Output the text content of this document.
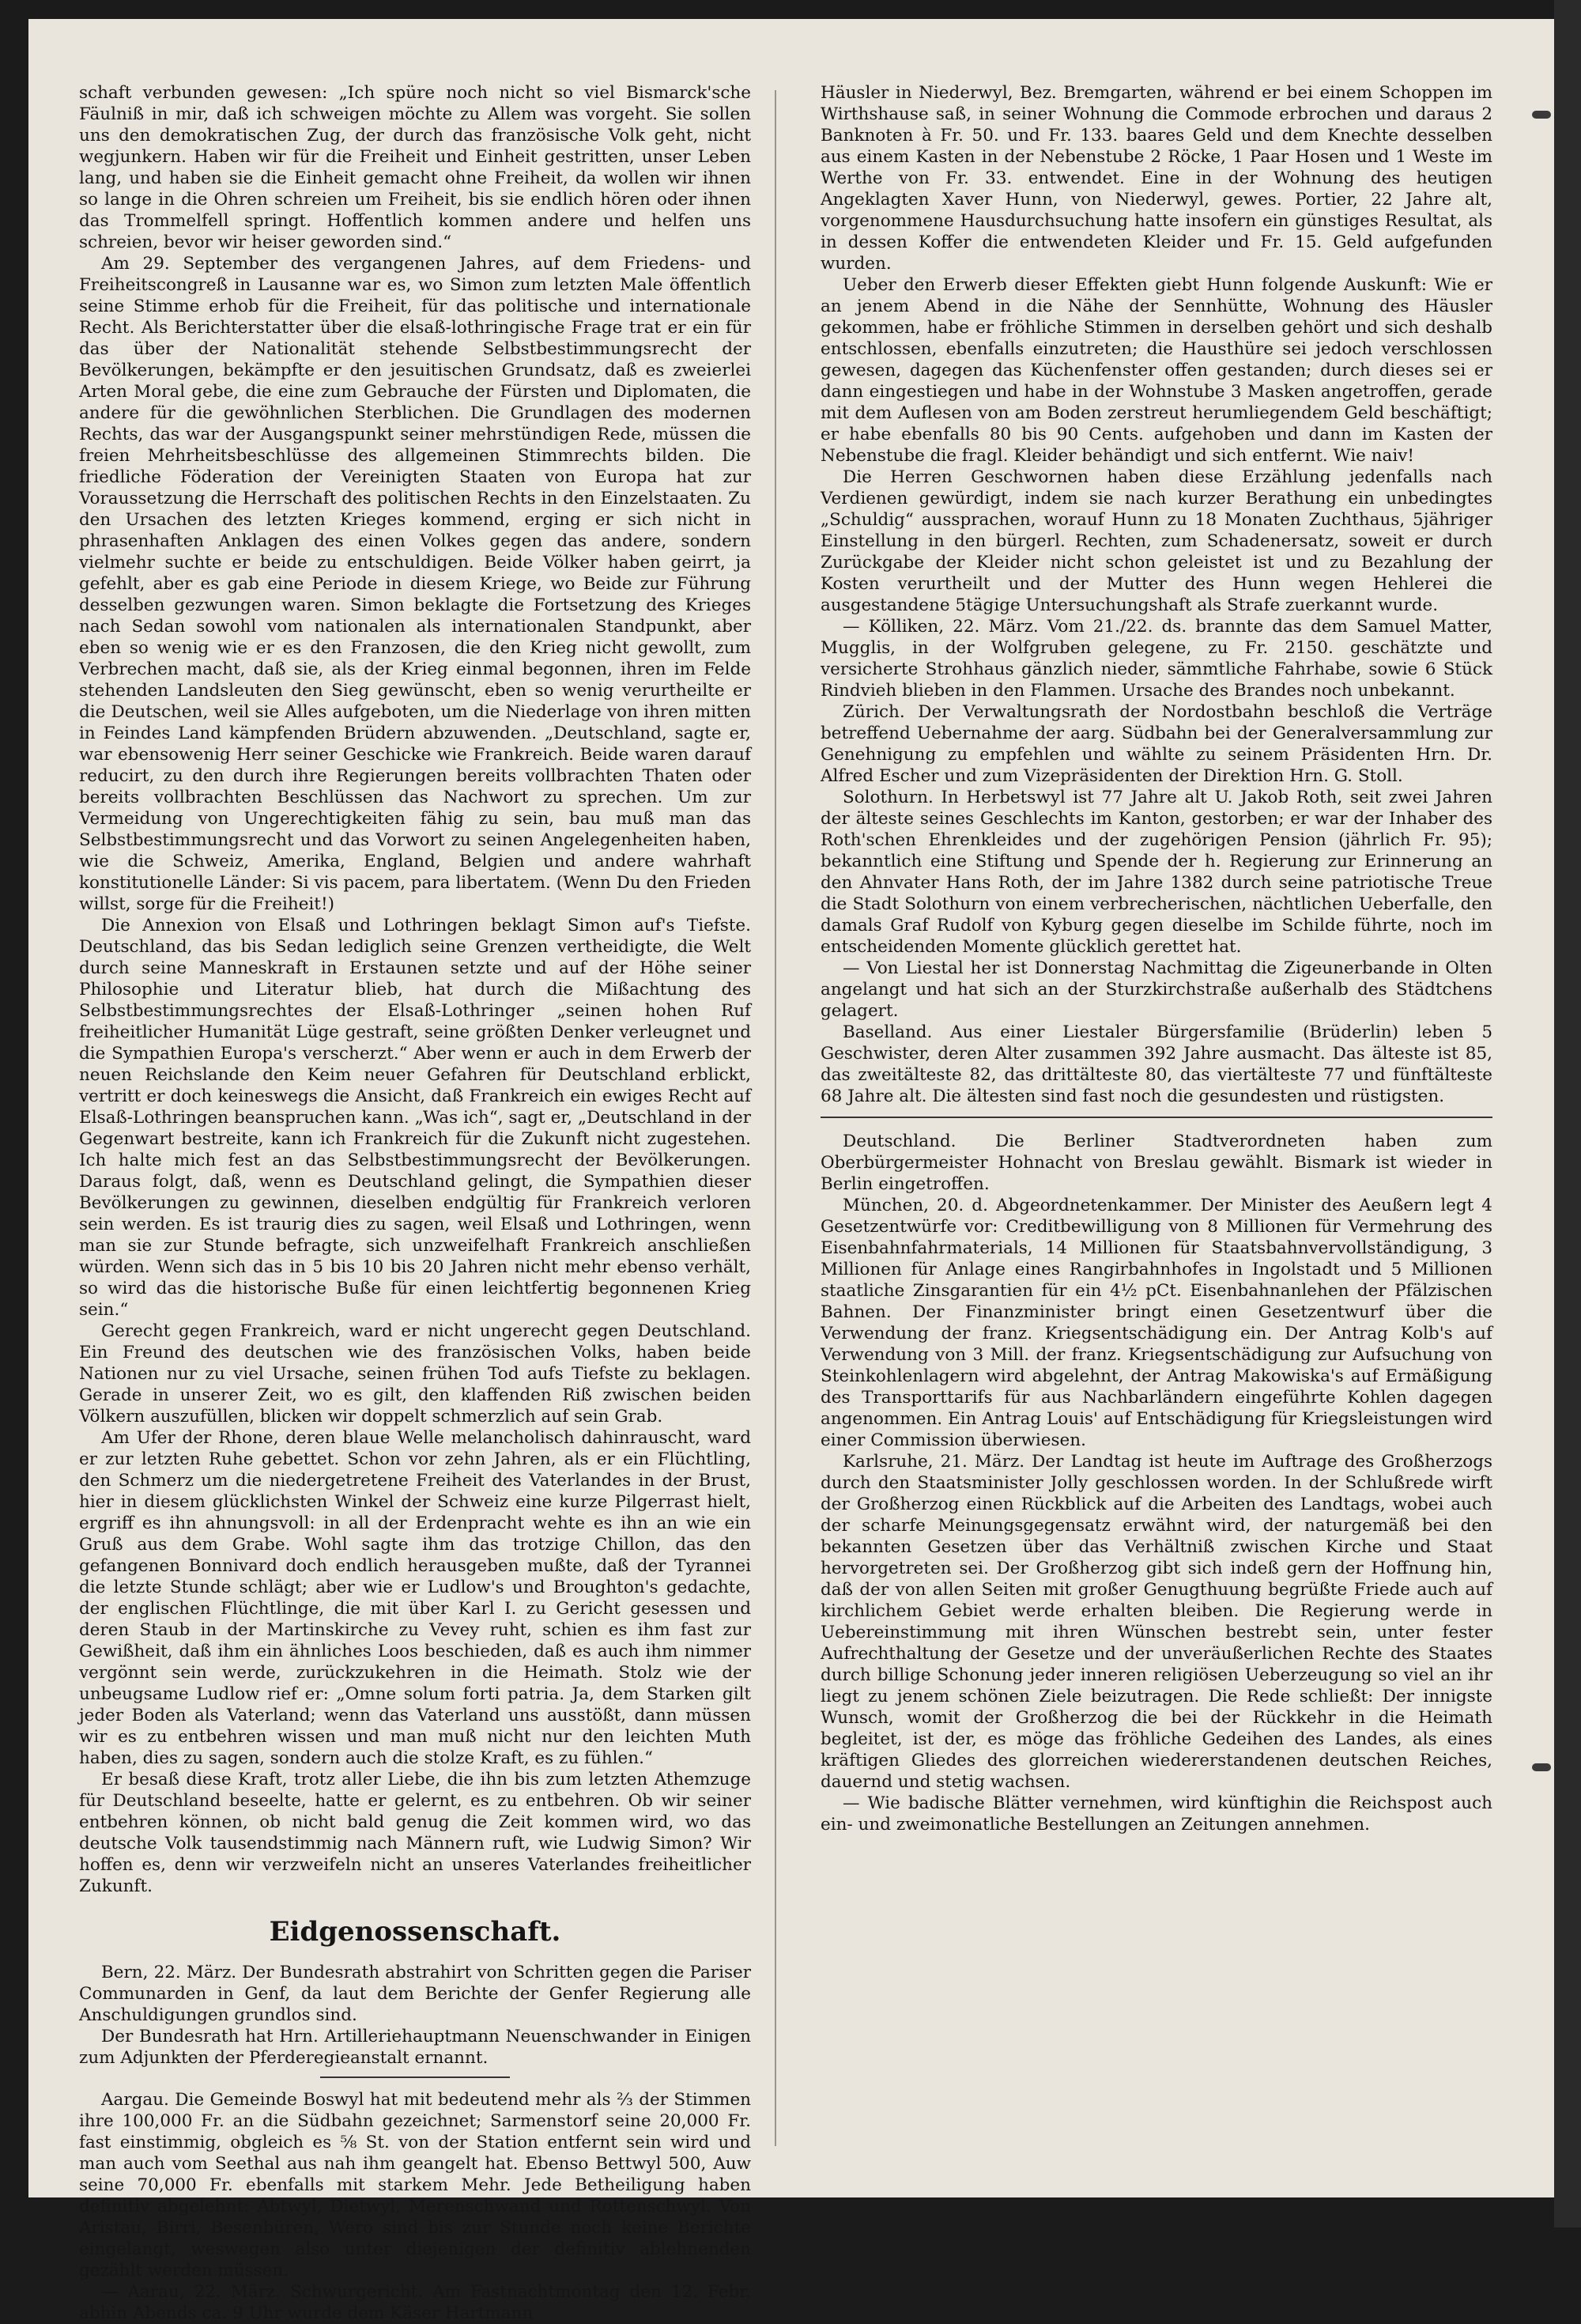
schaft verbunden gewesen: „Ich spüre noch nicht so viel Bismarck'sche Fäulniß in mir, daß ich schweigen möchte zu Allem was vorgeht. Sie sollen uns den demokratischen Zug, der durch das französische Volk geht, nicht wegjunkern. Haben wir für die Freiheit und Einheit gestritten, unser Leben lang, und haben sie die Einheit gemacht ohne Freiheit, da wollen wir ihnen so lange in die Ohren schreien um Freiheit, bis sie endlich hören oder ihnen das Trommelfell springt. Hoffentlich kommen andere und helfen uns schreien, bevor wir heiser geworden sind.“

Am 29. September des vergangenen Jahres, auf dem Friedens- und Freiheitscongreß in Lausanne war es, wo Simon zum letzten Male öffentlich seine Stimme erhob für die Freiheit, für das politische und internationale Recht. Als Berichterstatter über die elsaß-lothringische Frage trat er ein für das über der Nationalität stehende Selbstbestimmungsrecht der Bevölkerungen, bekämpfte er den jesuitischen Grundsatz, daß es zweierlei Arten Moral gebe, die eine zum Gebrauche der Fürsten und Diplomaten, die andere für die gewöhnlichen Sterblichen. Die Grundlagen des modernen Rechts, das war der Ausgangspunkt seiner mehrstündigen Rede, müssen die freien Mehrheitsbeschlüsse des allgemeinen Stimmrechts bilden. Die friedliche Föderation der Vereinigten Staaten von Europa hat zur Voraussetzung die Herrschaft des politischen Rechts in den Einzelstaaten. Zu den Ursachen des letzten Krieges kommend, erging er sich nicht in phrasenhaften Anklagen des einen Volkes gegen das andere, sondern vielmehr suchte er beide zu entschuldigen. Beide Völker haben geirrt, ja gefehlt, aber es gab eine Periode in diesem Kriege, wo Beide zur Führung desselben gezwungen waren. Simon beklagte die Fortsetzung des Krieges nach Sedan sowohl vom nationalen als internationalen Standpunkt, aber eben so wenig wie er es den Franzosen, die den Krieg nicht gewollt, zum Verbrechen macht, daß sie, als der Krieg einmal begonnen, ihren im Felde stehenden Landsleuten den Sieg gewünscht, eben so wenig verurtheilte er die Deutschen, weil sie Alles aufgeboten, um die Niederlage von ihren mitten in Feindes Land kämpfenden Brüdern abzuwenden. „Deutschland, sagte er, war ebensowenig Herr seiner Geschicke wie Frankreich. Beide waren darauf reducirt, zu den durch ihre Regierungen bereits vollbrachten Thaten oder bereits vollbrachten Beschlüssen das Nachwort zu sprechen. Um zur Vermeidung von Ungerechtigkeiten fähig zu sein, bau muß man das Selbstbestimmungsrecht und das Vorwort zu seinen Angelegenheiten haben, wie die Schweiz, Amerika, England, Belgien und andere wahrhaft konstitutionelle Länder: Si vis pacem, para libertatem. (Wenn Du den Frieden willst, sorge für die Freiheit!)

Die Annexion von Elsaß und Lothringen beklagt Simon auf's Tiefste. Deutschland, das bis Sedan lediglich seine Grenzen vertheidigte, die Welt durch seine Manneskraft in Erstaunen setzte und auf der Höhe seiner Philosophie und Literatur blieb, hat durch die Mißachtung des Selbstbestimmungsrechtes der Elsaß-Lothringer „seinen hohen Ruf freiheitlicher Humanität Lüge gestraft, seine größten Denker verleugnet und die Sympathien Europa's verscherzt.“ Aber wenn er auch in dem Erwerb der neuen Reichslande den Keim neuer Gefahren für Deutschland erblickt, vertritt er doch keineswegs die Ansicht, daß Frankreich ein ewiges Recht auf Elsaß-Lothringen beanspruchen kann. „Was ich“, sagt er, „Deutschland in der Gegenwart bestreite, kann ich Frankreich für die Zukunft nicht zugestehen. Ich halte mich fest an das Selbstbestimmungsrecht der Bevölkerungen. Daraus folgt, daß, wenn es Deutschland gelingt, die Sympathien dieser Bevölkerungen zu gewinnen, dieselben endgültig für Frankreich verloren sein werden. Es ist traurig dies zu sagen, weil Elsaß und Lothringen, wenn man sie zur Stunde befragte, sich unzweifelhaft Frankreich anschließen würden. Wenn sich das in 5 bis 10 bis 20 Jahren nicht mehr ebenso verhält, so wird das die historische Buße für einen leichtfertig begonnenen Krieg sein.“

Gerecht gegen Frankreich, ward er nicht ungerecht gegen Deutschland. Ein Freund des deutschen wie des französischen Volks, haben beide Nationen nur zu viel Ursache, seinen frühen Tod aufs Tiefste zu beklagen. Gerade in unserer Zeit, wo es gilt, den klaffenden Riß zwischen beiden Völkern auszufüllen, blicken wir doppelt schmerzlich auf sein Grab.

Am Ufer der Rhone, deren blaue Welle melancholisch dahinrauscht, ward er zur letzten Ruhe gebettet. Schon vor zehn Jahren, als er ein Flüchtling, den Schmerz um die niedergetretene Freiheit des Vaterlandes in der Brust, hier in diesem glücklichsten Winkel der Schweiz eine kurze Pilgerrast hielt, ergriff es ihn ahnungsvoll: in all der Erdenpracht wehte es ihn an wie ein Gruß aus dem Grabe. Wohl sagte ihm das trotzige Chillon, das den gefangenen Bonnivard doch endlich herausgeben mußte, daß der Tyrannei die letzte Stunde schlägt; aber wie er Ludlow's und Broughton's gedachte, der englischen Flüchtlinge, die mit über Karl I. zu Gericht gesessen und deren Staub in der Martinskirche zu Vevey ruht, schien es ihm fast zur Gewißheit, daß ihm ein ähnliches Loos beschieden, daß es auch ihm nimmer vergönnt sein werde, zurückzukehren in die Heimath. Stolz wie der unbeugsame Ludlow rief er: „Omne solum forti patria. Ja, dem Starken gilt jeder Boden als Vaterland; wenn das Vaterland uns ausstößt, dann müssen wir es zu entbehren wissen und man muß nicht nur den leichten Muth haben, dies zu sagen, sondern auch die stolze Kraft, es zu fühlen.“

Er besaß diese Kraft, trotz aller Liebe, die ihn bis zum letzten Athemzuge für Deutschland beseelte, hatte er gelernt, es zu entbehren. Ob wir seiner entbehren können, ob nicht bald genug die Zeit kommen wird, wo das deutsche Volk tausendstimmig nach Männern ruft, wie Ludwig Simon? Wir hoffen es, denn wir verzweifeln nicht an unseres Vaterlandes freiheitlicher Zukunft.

Eidgenossenschaft.

Bern, 22. März. Der Bundesrath abstrahirt von Schritten gegen die Pariser Communarden in Genf, da laut dem Berichte der Genfer Regierung alle Anschuldigungen grundlos sind.

Der Bundesrath hat Hrn. Artilleriehauptmann Neuenschwander in Einigen zum Adjunkten der Pferderegieanstalt ernannt.

Aargau. Die Gemeinde Boswyl hat mit bedeutend mehr als ⅔ der Stimmen ihre 100,000 Fr. an die Südbahn gezeichnet; Sarmenstorf seine 20,000 Fr. fast einstimmig, obgleich es ⅝ St. von der Station entfernt sein wird und man auch vom Seethal aus nah ihm geangelt hat. Ebenso Bettwyl 500, Auw seine 70,000 Fr. ebenfalls mit starkem Mehr. Jede Betheiligung haben definitiv abgelehnt: Abtwyl, Dietwyl, Merenschwand und Rottenschwyl. Von Aristau, Birri, Besenbüren, Wero sind bis zur Stunde noch keine Berichte eingelangt, weswegen also unter diejenigen der definitiv ablehnenden gezählt werden müssen.

— Aarau, 22. März. Schwurgericht. Am Fastnachtmontag den 12. Febr. abhin Abends ca. 9 Uhr wurde dem Käser Hartmann

Häusler in Niederwyl, Bez. Bremgarten, während er bei einem Schoppen im Wirthshause saß, in seiner Wohnung die Commode erbrochen und daraus 2 Banknoten à Fr. 50. und Fr. 133. baares Geld und dem Knechte desselben aus einem Kasten in der Nebenstube 2 Röcke, 1 Paar Hosen und 1 Weste im Werthe von Fr. 33. entwendet. Eine in der Wohnung des heutigen Angeklagten Xaver Hunn, von Niederwyl, gewes. Portier, 22 Jahre alt, vorgenommene Hausdurchsuchung hatte insofern ein günstiges Resultat, als in dessen Koffer die entwendeten Kleider und Fr. 15. Geld aufgefunden wurden.

Ueber den Erwerb dieser Effekten giebt Hunn folgende Auskunft: Wie er an jenem Abend in die Nähe der Sennhütte, Wohnung des Häusler gekommen, habe er fröhliche Stimmen in derselben gehört und sich deshalb entschlossen, ebenfalls einzutreten; die Hausthüre sei jedoch verschlossen gewesen, dagegen das Küchenfenster offen gestanden; durch dieses sei er dann eingestiegen und habe in der Wohnstube 3 Masken angetroffen, gerade mit dem Auflesen von am Boden zerstreut herumliegendem Geld beschäftigt; er habe ebenfalls 80 bis 90 Cents. aufgehoben und dann im Kasten der Nebenstube die fragl. Kleider behändigt und sich entfernt. Wie naiv!

Die Herren Geschwornen haben diese Erzählung jedenfalls nach Verdienen gewürdigt, indem sie nach kurzer Berathung ein unbedingtes „Schuldig“ aussprachen, worauf Hunn zu 18 Monaten Zuchthaus, 5jähriger Einstellung in den bürgerl. Rechten, zum Schadenersatz, soweit er durch Zurückgabe der Kleider nicht schon geleistet ist und zu Bezahlung der Kosten verurtheilt und der Mutter des Hunn wegen Hehlerei die ausgestandene 5tägige Untersuchungshaft als Strafe zuerkannt wurde.

— Kölliken, 22. März. Vom 21./22. ds. brannte das dem Samuel Matter, Mugglis, in der Wolfgruben gelegene, zu Fr. 2150. geschätzte und versicherte Strohhaus gänzlich nieder, sämmtliche Fahrhabe, sowie 6 Stück Rindvieh blieben in den Flammen. Ursache des Brandes noch unbekannt.

Zürich. Der Verwaltungsrath der Nordostbahn beschloß die Verträge betreffend Uebernahme der aarg. Südbahn bei der Generalversammlung zur Genehnigung zu empfehlen und wählte zu seinem Präsidenten Hrn. Dr. Alfred Escher und zum Vizepräsidenten der Direktion Hrn. G. Stoll.

Solothurn. In Herbetswyl ist 77 Jahre alt U. Jakob Roth, seit zwei Jahren der älteste seines Geschlechts im Kanton, gestorben; er war der Inhaber des Roth'schen Ehrenkleides und der zugehörigen Pension (jährlich Fr. 95); bekanntlich eine Stiftung und Spende der h. Regierung zur Erinnerung an den Ahnvater Hans Roth, der im Jahre 1382 durch seine patriotische Treue die Stadt Solothurn von einem verbrecherischen, nächtlichen Ueberfalle, den damals Graf Rudolf von Kyburg gegen dieselbe im Schilde führte, noch im entscheidenden Momente glücklich gerettet hat.

— Von Liestal her ist Donnerstag Nachmittag die Zigeunerbande in Olten angelangt und hat sich an der Sturzkirchstraße außerhalb des Städtchens gelagert.

Baselland. Aus einer Liestaler Bürgersfamilie (Brüderlin) leben 5 Geschwister, deren Alter zusammen 392 Jahre ausmacht. Das älteste ist 85, das zweitälteste 82, das drittälteste 80, das viertälteste 77 und fünftälteste 68 Jahre alt. Die ältesten sind fast noch die gesundesten und rüstigsten.

Deutschland. Die Berliner Stadtverordneten haben zum Oberbürgermeister Hohnacht von Breslau gewählt. Bismark ist wieder in Berlin eingetroffen.

München, 20. d. Abgeordnetenkammer. Der Minister des Aeußern legt 4 Gesetzentwürfe vor: Creditbewilligung von 8 Millionen für Vermehrung des Eisenbahnfahrmaterials, 14 Millionen für Staatsbahnvervollständigung, 3 Millionen für Anlage eines Rangirbahnhofes in Ingolstadt und 5 Millionen staatliche Zinsgarantien für ein 4½ pCt. Eisenbahnanlehen der Pfälzischen Bahnen. Der Finanzminister bringt einen Gesetzentwurf über die Verwendung der franz. Kriegsentschädigung ein. Der Antrag Kolb's auf Verwendung von 3 Mill. der franz. Kriegsentschädigung zur Aufsuchung von Steinkohlenlagern wird abgelehnt, der Antrag Makowiska's auf Ermäßigung des Transporttarifs für aus Nachbarländern eingeführte Kohlen dagegen angenommen. Ein Antrag Louis' auf Entschädigung für Kriegsleistungen wird einer Commission überwiesen.

Karlsruhe, 21. März. Der Landtag ist heute im Auftrage des Großherzogs durch den Staatsminister Jolly geschlossen worden. In der Schlußrede wirft der Großherzog einen Rückblick auf die Arbeiten des Landtags, wobei auch der scharfe Meinungsgegensatz erwähnt wird, der naturgemäß bei den bekannten Gesetzen über das Verhältniß zwischen Kirche und Staat hervorgetreten sei. Der Großherzog gibt sich indeß gern der Hoffnung hin, daß der von allen Seiten mit großer Genugthuung begrüßte Friede auch auf kirchlichem Gebiet werde erhalten bleiben. Die Regierung werde in Uebereinstimmung mit ihren Wünschen bestrebt sein, unter fester Aufrechthaltung der Gesetze und der unveräußerlichen Rechte des Staates durch billige Schonung jeder inneren religiösen Ueberzeugung so viel an ihr liegt zu jenem schönen Ziele beizutragen. Die Rede schließt: Der innigste Wunsch, womit der Großherzog die bei der Rückkehr in die Heimath begleitet, ist der, es möge das fröhliche Gedeihen des Landes, als eines kräftigen Gliedes des glorreichen wiedererstandenen deutschen Reiches, dauernd und stetig wachsen.

— Wie badische Blätter vernehmen, wird künftighin die Reichspost auch ein- und zweimonatliche Bestellungen an Zeitungen annehmen.
